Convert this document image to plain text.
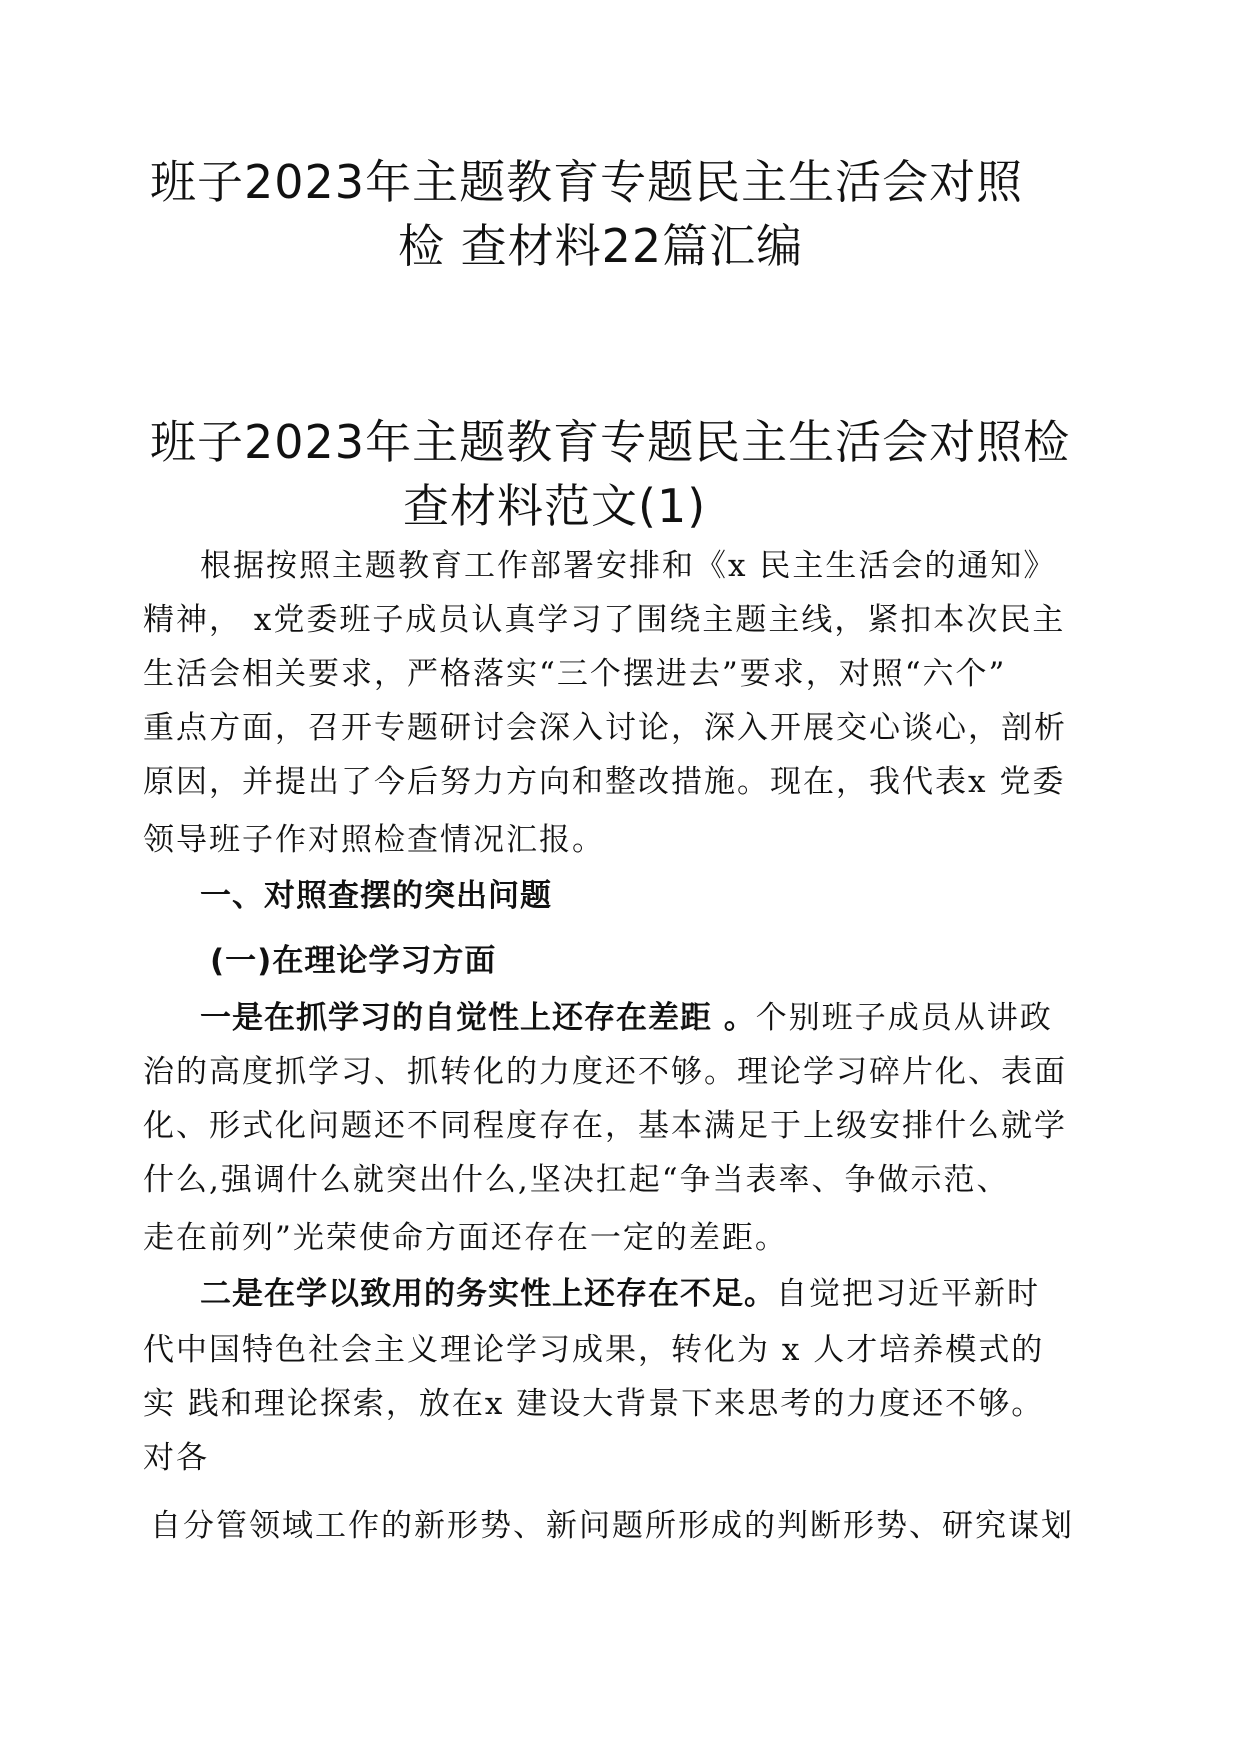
班子2023年主题教育专题民主生活会对照
检 查材料22篇汇编
班子2023年主题教育专题民主生活会对照检
查材料范文(1)
根据按照主题教育工作部署安排和《x 民主生活会的通知》
精神， x党委班子成员认真学习了围绕主题主线，紧扣本次民主
生活会相关要求，严格落实“三个摆进去”要求，对照“六个”
重点方面，召开专题研讨会深入讨论，深入开展交心谈心，剖析
原因，并提出了今后努力方向和整改措施。现在，我代表x 党委
领导班子作对照检查情况汇报。
一、对照查摆的突出问题
(一)在理论学习方面
一是在抓学习的自觉性上还存在差距 。个别班子成员从讲政
治的高度抓学习、抓转化的力度还不够。理论学习碎片化、表面
化、形式化问题还不同程度存在，基本满足于上级安排什么就学
什么,强调什么就突出什么,坚决扛起“争当表率、争做示范、
走在前列”光荣使命方面还存在一定的差距。
二是在学以致用的务实性上还存在不足。自觉把习近平新时
代中国特色社会主义理论学习成果，转化为 x 人才培养模式的
实 践和理论探索，放在x 建设大背景下来思考的力度还不够。
对各
自分管领域工作的新形势、新问题所形成的判断形势、研究谋划
